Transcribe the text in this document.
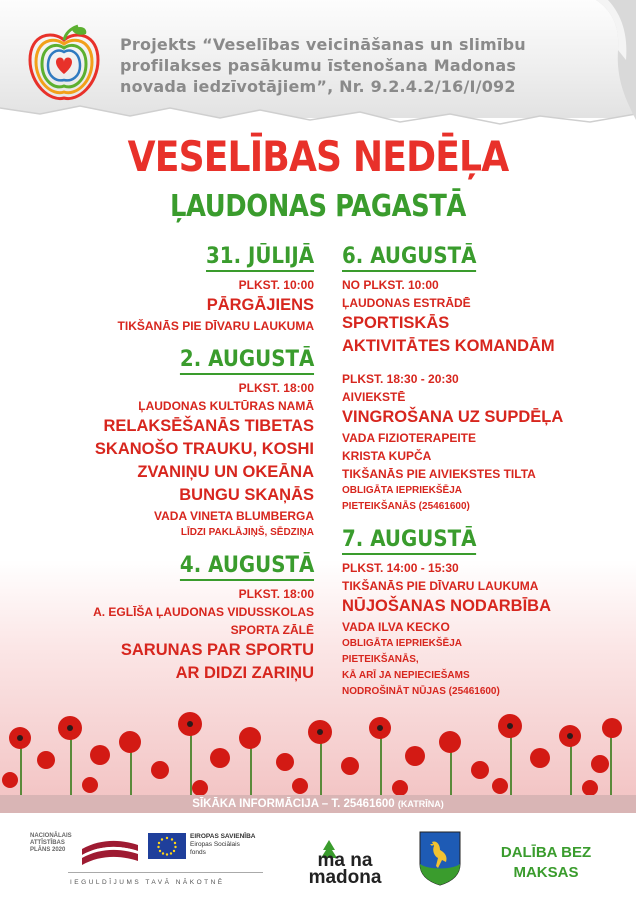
Projekts “Veselības veicināšanas un slimību
profilakses pasākumu īstenošana Madonas
novada iedzīvotājiem”, Nr. 9.2.4.2/16/I/092
VESELĪBAS NEDĒĻA
ĻAUDONAS PAGASTĀ
31. JŪLIJĀ
PLKST. 10:00
PĀRGĀJIENS
TIKŠANĀS PIE DĪVARU LAUKUMA
2. AUGUSTĀ
PLKST. 18:00
ĻAUDONAS KULTŪRAS NAMĀ
RELAKSĒŠANĀS TIBETAS
SKANOŠO TRAUKU, KOSHI
ZVANIŅU UN OKEĀNA
BUNGU SKAŅĀS
VADA VINETA BLUMBERGA
LĪDZI PAKLĀJIŅŠ, SĒDZIŅA
4. AUGUSTĀ
PLKST. 18:00
A. EGLĪŠA ĻAUDONAS VIDUSSKOLAS
SPORTA ZĀLĒ
SARUNAS PAR SPORTU
AR DIDZI ZARIŅU
6. AUGUSTĀ
NO PLKST. 10:00
ĻAUDONAS ESTRĀDĒ
SPORTISKĀS
AKTIVITĀTES KOMANDĀM
PLKST. 18:30 - 20:30
AIVIEKSTĒ
VINGROŠANA UZ SUPDĒĻA
VADA FIZIOTERAPEITE
KRISTA KUPČA
TIKŠANĀS PIE AIVIEKSTES TILTA
OBLIGĀTA IEPRIEKŠĒJA
PIETEIKŠANĀS (25461600)
7. AUGUSTĀ
PLKST. 14:00 - 15:30
TIKŠANĀS PIE DĪVARU LAUKUMA
NŪJOŠANAS NODARBĪBA
VADA ILVA KECKO
OBLIGĀTA IEPRIEKŠĒJA
PIETEIKŠANĀS,
KĀ ARĪ JA NEPIECIEŠAMS
NODROŠINĀT NŪJAS (25461600)
SĪKĀKA INFORMĀCIJA – T. 25461600 (KATRĪNA)
NACIONĀLAIS
ATTĪSTĪBAS
PLĀNS 2020
EIROPAS SAVIENĪBA
Eiropas Sociālais
fonds
IEGULDĪJUMS TAVĀ NĀKOTNĒ
ma na
madona
DALĪBA BEZ
MAKSAS
